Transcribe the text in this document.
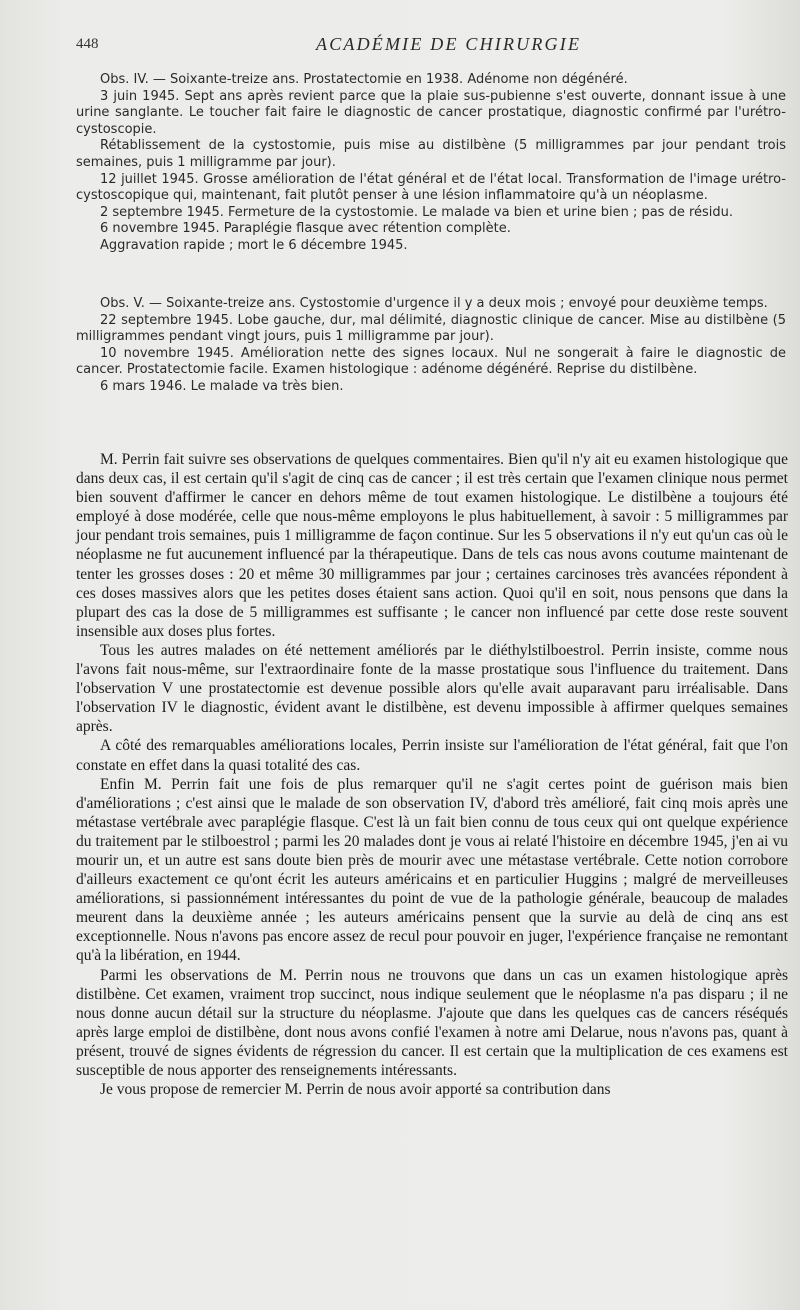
448	ACADÉMIE DE CHIRURGIE

Obs. IV. — Soixante-treize ans. Prostatectomie en 1938. Adénome non dégénéré.

3 juin 1945. Sept ans après revient parce que la plaie sus-pubienne s'est ouverte, donnant issue à une urine sanglante. Le toucher fait faire le diagnostic de cancer prostatique, diagnostic confirmé par l'urétro-cystoscopie.

Rétablissement de la cystostomie, puis mise au distilbène (5 milligrammes par jour pendant trois semaines, puis 1 milligramme par jour).

12 juillet 1945. Grosse amélioration de l'état général et de l'état local. Transformation de l'image urétro-cystoscopique qui, maintenant, fait plutôt penser à une lésion inflammatoire qu'à un néoplasme.

2 septembre 1945. Fermeture de la cystostomie. Le malade va bien et urine bien ; pas de résidu.

6 novembre 1945. Paraplégie flasque avec rétention complète.

Aggravation rapide ; mort le 6 décembre 1945.

Obs. V. — Soixante-treize ans. Cystostomie d'urgence il y a deux mois ; envoyé pour deuxième temps.

22 septembre 1945. Lobe gauche, dur, mal délimité, diagnostic clinique de cancer. Mise au distilbène (5 milligrammes pendant vingt jours, puis 1 milligramme par jour).

10 novembre 1945. Amélioration nette des signes locaux. Nul ne songerait à faire le diagnostic de cancer. Prostatectomie facile. Examen histologique : adénome dégénéré. Reprise du distilbène.

6 mars 1946. Le malade va très bien.

M. Perrin fait suivre ses observations de quelques commentaires. Bien qu'il n'y ait eu examen histologique que dans deux cas, il est certain qu'il s'agit de cinq cas de cancer ; il est très certain que l'examen clinique nous permet bien souvent d'affirmer le cancer en dehors même de tout examen histologique. Le distilbène a toujours été employé à dose modérée, celle que nous-même employons le plus habituellement, à savoir : 5 milligrammes par jour pendant trois semaines, puis 1 milligramme de façon continue. Sur les 5 observations il n'y eut qu'un cas où le néoplasme ne fut aucunement influencé par la thérapeutique. Dans de tels cas nous avons coutume maintenant de tenter les grosses doses : 20 et même 30 milligrammes par jour ; certaines carcinoses très avancées répondent à ces doses massives alors que les petites doses étaient sans action. Quoi qu'il en soit, nous pensons que dans la plupart des cas la dose de 5 milligrammes est suffisante ; le cancer non influencé par cette dose reste souvent insensible aux doses plus fortes.

Tous les autres malades on été nettement améliorés par le diéthylstilboestrol. Perrin insiste, comme nous l'avons fait nous-même, sur l'extraordinaire fonte de la masse prostatique sous l'influence du traitement. Dans l'observation V une prostatectomie est devenue possible alors qu'elle avait auparavant paru irréalisable. Dans l'observation IV le diagnostic, évident avant le distilbène, est devenu impossible à affirmer quelques semaines après.

A côté des remarquables améliorations locales, Perrin insiste sur l'amélioration de l'état général, fait que l'on constate en effet dans la quasi totalité des cas.

Enfin M. Perrin fait une fois de plus remarquer qu'il ne s'agit certes point de guérison mais bien d'améliorations ; c'est ainsi que le malade de son observation IV, d'abord très amélioré, fait cinq mois après une métastase vertébrale avec paraplégie flasque. C'est là un fait bien connu de tous ceux qui ont quelque expérience du traitement par le stilboestrol ; parmi les 20 malades dont je vous ai relaté l'histoire en décembre 1945, j'en ai vu mourir un, et un autre est sans doute bien près de mourir avec une métastase vertébrale. Cette notion corrobore d'ailleurs exactement ce qu'ont écrit les auteurs américains et en particulier Huggins ; malgré de merveilleuses améliorations, si passionnément intéressantes du point de vue de la pathologie générale, beaucoup de malades meurent dans la deuxième année ; les auteurs américains pensent que la survie au delà de cinq ans est exceptionnelle. Nous n'avons pas encore assez de recul pour pouvoir en juger, l'expérience française ne remontant qu'à la libération, en 1944.

Parmi les observations de M. Perrin nous ne trouvons que dans un cas un examen histologique après distilbène. Cet examen, vraiment trop succinct, nous indique seulement que le néoplasme n'a pas disparu ; il ne nous donne aucun détail sur la structure du néoplasme. J'ajoute que dans les quelques cas de cancers réséqués après large emploi de distilbène, dont nous avons confié l'examen à notre ami Delarue, nous n'avons pas, quant à présent, trouvé de signes évidents de régression du cancer. Il est certain que la multiplication de ces examens est susceptible de nous apporter des renseignements intéressants.

Je vous propose de remercier M. Perrin de nous avoir apporté sa contribution dans
